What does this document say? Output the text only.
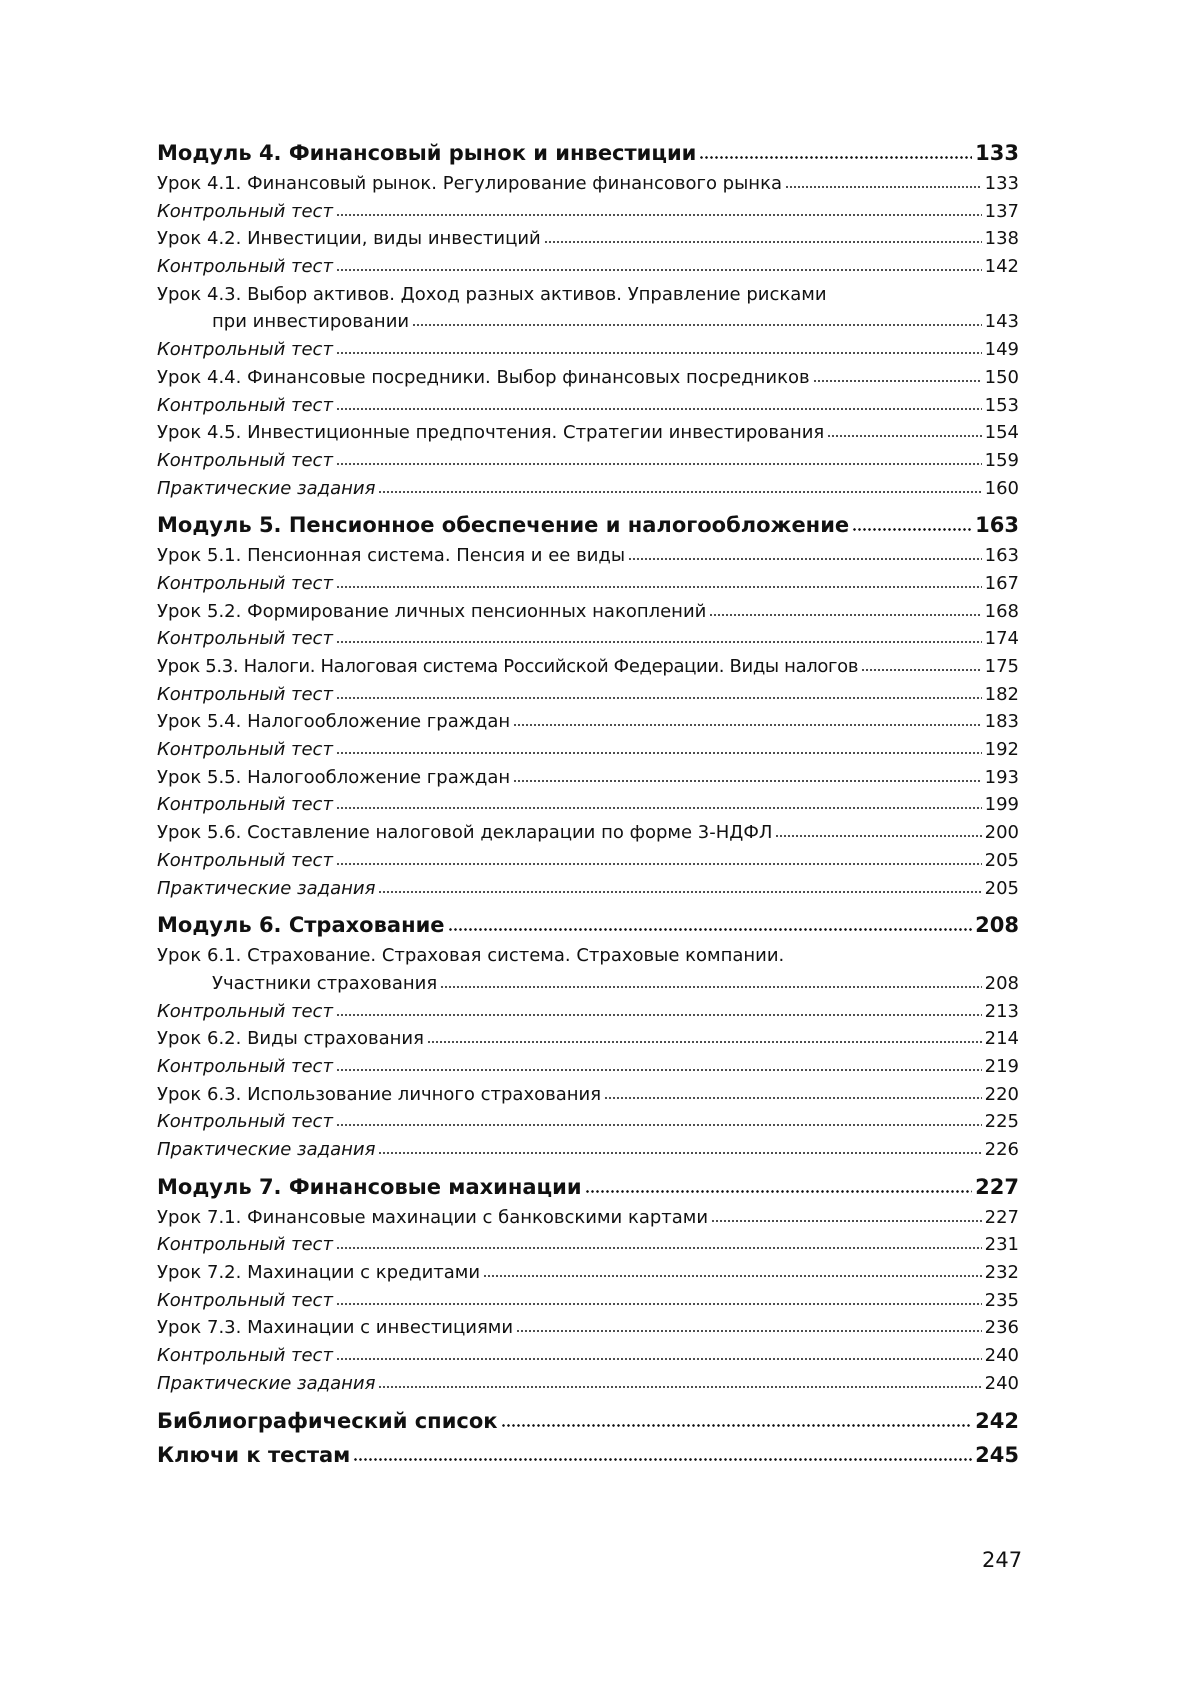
Модуль 4. Финансовый рынок и инвестиции	133
Урок 4.1. Финансовый рынок. Регулирование финансового рынка	133
Контрольный тест	137
Урок 4.2. Инвестиции, виды инвестиций	138
Контрольный тест	142
Урок 4.3. Выбор активов. Доход разных активов. Управление рисками
при инвестировании	143
Контрольный тест	149
Урок 4.4. Финансовые посредники. Выбор финансовых посредников	150
Контрольный тест	153
Урок 4.5. Инвестиционные предпочтения. Стратегии инвестирования	154
Контрольный тест	159
Практические задания	160
Модуль 5. Пенсионное обеспечение и налогообложение	163
Урок 5.1. Пенсионная система. Пенсия и ее виды	163
Контрольный тест	167
Урок 5.2. Формирование личных пенсионных накоплений	168
Контрольный тест	174
Урок 5.3. Налоги. Налоговая система Российской Федерации. Виды налогов	175
Контрольный тест	182
Урок 5.4. Налогообложение граждан	183
Контрольный тест	192
Урок 5.5. Налогообложение граждан	193
Контрольный тест	199
Урок 5.6. Составление налоговой декларации по форме 3-НДФЛ	200
Контрольный тест	205
Практические задания	205
Модуль 6. Страхование	208
Урок 6.1. Страхование. Страховая система. Страховые компании.
Участники страхования	208
Контрольный тест	213
Урок 6.2. Виды страхования	214
Контрольный тест	219
Урок 6.3. Использование личного страхования	220
Контрольный тест	225
Практические задания	226
Модуль 7. Финансовые махинации	227
Урок 7.1. Финансовые махинации с банковскими картами	227
Контрольный тест	231
Урок 7.2. Махинации с кредитами	232
Контрольный тест	235
Урок 7.3. Махинации с инвестициями	236
Контрольный тест	240
Практические задания	240
Библиографический список	242
Ключи к тестам	245
247
